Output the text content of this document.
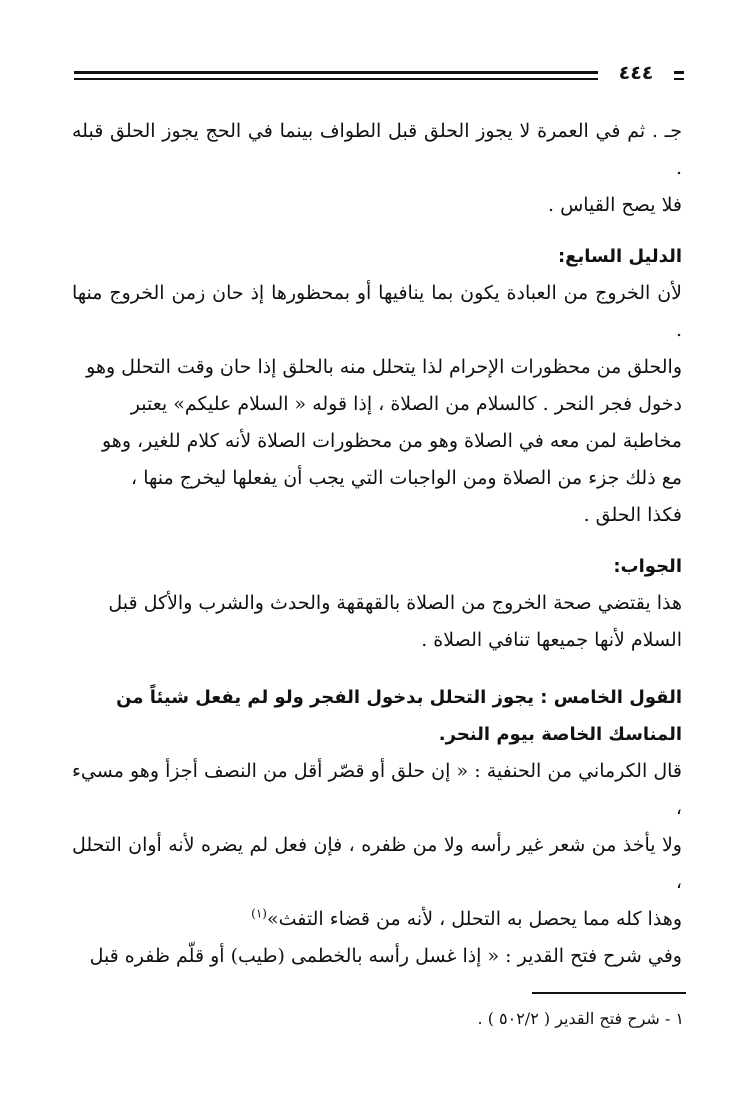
٤٤٤
جـ . ثم في العمرة لا يجوز الحلق قبل الطواف بينما في الحج يجوز الحلق قبله .
فلا يصح القياس .
الدليل السابع:
لأن الخروج من العبادة يكون بما ينافيها أو بمحظورها إذ حان زمن الخروج منها .
والحلق من محظورات الإحرام لذا يتحلل منه بالحلق إذا حان وقت التحلل وهو
دخول فجر النحر . كالسلام من الصلاة ، إذا قوله « السلام عليكم» يعتبر
مخاطبة لمن معه في الصلاة وهو من محظورات الصلاة لأنه كلام للغير، وهو
مع ذلك جزء من الصلاة ومن الواجبات التي يجب أن يفعلها ليخرج منها ،
فكذا الحلق .
الجواب:
هذا يقتضي صحة الخروج من الصلاة بالقهقهة والحدث والشرب والأكل قبل
السلام لأنها جميعها تنافي الصلاة .
القول الخامس : يجوز التحلل بدخول الفجر ولو لم يفعل شيئاً من
المناسك الخاصة بيوم النحر.
قال الكرماني من الحنفية : « إن حلق أو قصّر أقل من النصف أجزأ وهو مسيء ،
ولا يأخذ من شعر غير رأسه ولا من ظفره ، فإن فعل لم يضره لأنه أوان التحلل ،
وهذا كله مما يحصل به التحلل ، لأنه من قضاء التفث»$^{(١)}$
وفي شرح فتح القدير : « إذا غسل رأسه بالخطمى (طيب) أو قلّم ظفره قبل
١ - شرح فتح القدير ( ٥٠٢/٢ ) .
